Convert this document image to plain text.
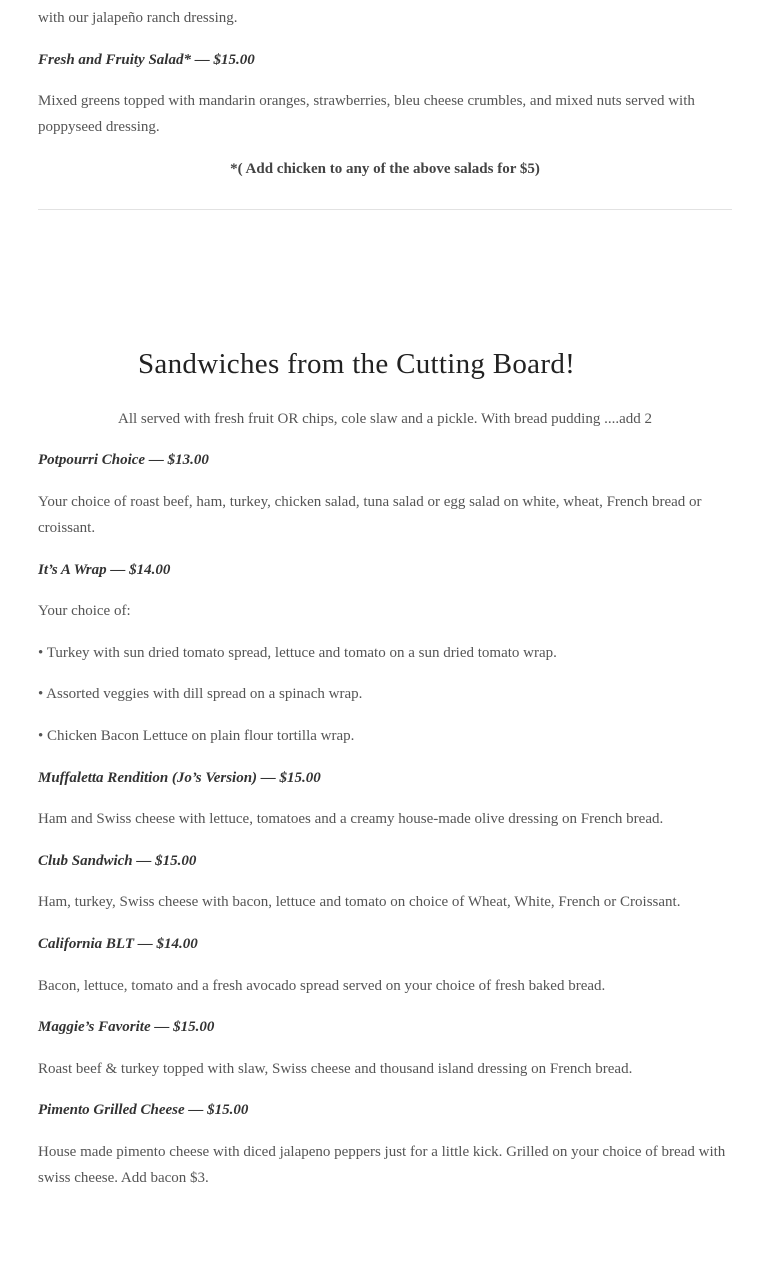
with our jalapeño ranch dressing.

Fresh and Fruity Salad* — $15.00

Mixed greens topped with mandarin oranges, strawberries, bleu cheese crumbles, and mixed nuts served with poppyseed dressing.

*( Add chicken to any of the above salads for $5)

Sandwiches from the Cutting Board!

All served with fresh fruit OR chips, cole slaw and a pickle. With bread pudding ....add 2

Potpourri Choice — $13.00

Your choice of roast beef, ham, turkey, chicken salad, tuna salad or egg salad on white, wheat, French bread or croissant.

It’s A Wrap — $14.00

Your choice of:

• Turkey with sun dried tomato spread, lettuce and tomato on a sun dried tomato wrap.

• Assorted veggies with dill spread on a spinach wrap.

• Chicken Bacon Lettuce on plain flour tortilla wrap.

Muffaletta Rendition (Jo’s Version) — $15.00

Ham and Swiss cheese with lettuce, tomatoes and a creamy house-made olive dressing on French bread.

Club Sandwich — $15.00

Ham, turkey, Swiss cheese with bacon, lettuce and tomato on choice of Wheat, White, French or Croissant.

California BLT — $14.00

Bacon, lettuce, tomato and a fresh avocado spread served on your choice of fresh baked bread.

Maggie’s Favorite — $15.00

Roast beef & turkey topped with slaw, Swiss cheese and thousand island dressing on French bread.

Pimento Grilled Cheese — $15.00

House made pimento cheese with diced jalapeno peppers just for a little kick. Grilled on your choice of bread with swiss cheese. Add bacon $3.
